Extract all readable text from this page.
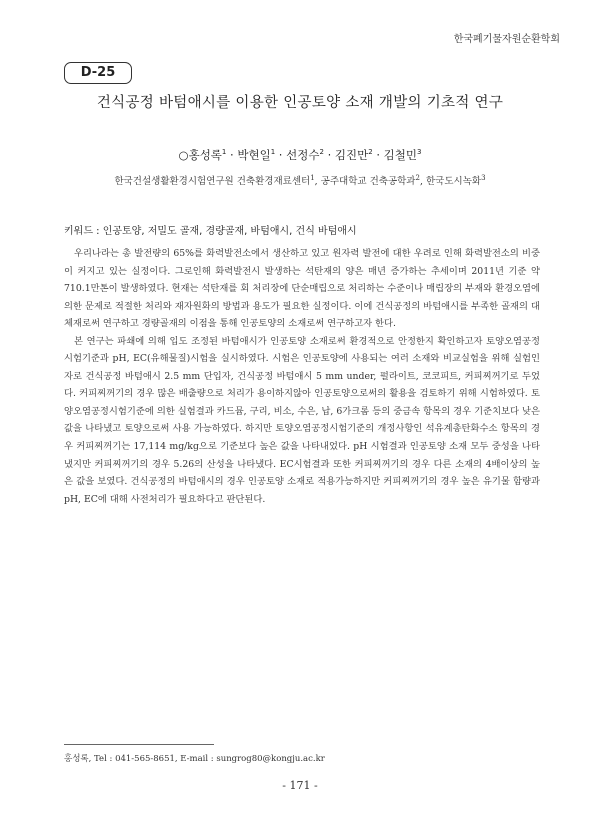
한국폐기물자원순환학회
D-25
건식공정 바텀애시를 이용한 인공토양 소재 개발의 기초적 연구
○홍성록$^1$ · 박현일$^1$ · 선정수$^2$ · 김진만$^2$ · 김철민$^3$
한국건설생활환경시험연구원 건축환경재료센터$^1$, 공주대학교 건축공학과$^2$, 한국도시녹화$^3$
키워드 : 인공토양, 저밀도 골재, 경량골재, 바텀애시, 건식 바텀애시

우리나라는 총 발전량의 65%를 화력발전소에서 생산하고 있고 원자력 발전에 대한 우려로 인해 화력발전소의 비중이 커지고 있는 실정이다. 그로인해 화력발전시 발생하는 석탄재의 양은 매년 증가하는 추세이며 2011년 기준 약 710.1만톤이 발생하였다. 현재는 석탄재를 회 처리장에 단순매립으로 처리하는 수준이나 매립장의 부재와 환경오염에 의한 문제로 적절한 처리와 재자원화의 방법과 용도가 필요한 실정이다. 이에 건식공정의 바텀애시를 부족한 골재의 대체재로써 연구하고 경량골재의 이점을 통해 인공토양의 소재로써 연구하고자 한다.

본 연구는 파쇄에 의해 입도 조정된 바텀애시가 인공토양 소재로써 환경적으로 안정한지 확인하고자 토양오염공정시험기준과 pH, EC(유해물질)시험을 실시하였다. 시험은 인공토양에 사용되는 여러 소재와 비교실험을 위해 실험인자로 건식공정 바텀애시 2.5 mm 단입자, 건식공정 바텀애시 5 mm under, 펄라이트, 코코피트, 커피찌꺼기로 두었다. 커피찌꺼기의 경우 많은 배출량으로 처리가 용이하지않아 인공토양으로써의 활용을 검토하기 위해 시험하였다. 토양오염공정시험기준에 의한 실험결과 카드뮴, 구리, 비소, 수은, 납, 6가크롬 등의 중금속 항목의 경우 기준치보다 낮은 값을 나타냈고 토양으로써 사용 가능하였다. 하지만 토양오염공정시험기준의 개정사항인 석유계총탄화수소 항목의 경우 커피찌꺼기는 17,114 mg/kg으로 기준보다 높은 값을 나타내었다. pH 시험결과 인공토양 소재 모두 중성을 나타냈지만 커피찌꺼기의 경우 5.26의 산성을 나타냈다. EC시험결과 또한 커피찌꺼기의 경우 다른 소재의 4배이상의 높은 값을 보였다. 건식공정의 바텀애시의 경우 인공토양 소재로 적용가능하지만 커피찌꺼기의 경우 높은 유기물 함량과 pH, EC에 대해 사전처리가 필요하다고 판단된다.

홍성록, Tel : 041-565-8651, E-mail : sungrog80@kongju.ac.kr
- 171 -
